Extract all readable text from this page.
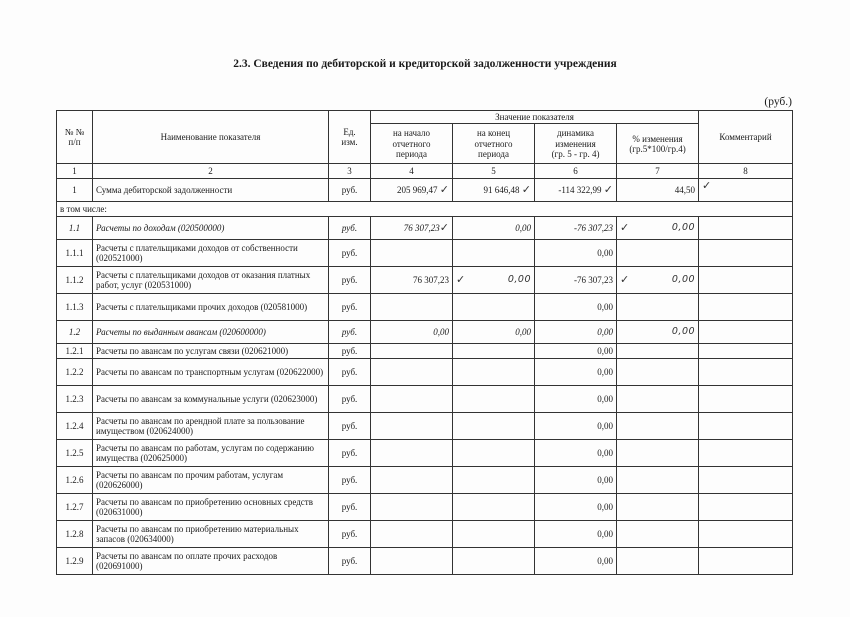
2.3. Сведения по дебиторской и кредиторской задолженности учреждения
(руб.)
№ №
п/п	Наименование показателя	Ед.
изм.	Значение показателя				Комментарий
			на начало
отчетного
периода	на конец
отчетного
периода	динамика
изменения
(гр. 5 - гр. 4)	% изменения
(гр.5*100/гр.4)	
1	2	3	4	5	6	7	8
1	Сумма дебиторской задолженности	руб.	205 969,47 ✓	91 646,48 ✓	-114 322,99 ✓	44,50	✓
в том числе:							
1.1	Расчеты по доходам (020500000)	руб.	76 307,23✓	0,00	-76 307,23	✓ 0,00	

1.1.1	Расчеты с плательщиками доходов от собственности (020521000)	руб.			0,00		
1.1.2	Расчеты с плательщиками доходов от оказания платных работ, услуг (020531000)	руб.	76 307,23	✓ 0,00	-76 307,23	✓ 0,00	

1.1.3	Расчеты с плательщиками прочих доходов (020581000)	руб.			0,00		
1.2	Расчеты по выданным авансам (020600000)	руб.	0,00	0,00	0,00	0,00	
1.2.1	Расчеты по авансам по услугам связи (020621000)	руб.			0,00		
1.2.2	Расчеты по авансам по транспортным услугам (020622000)	руб.			0,00		
1.2.3	Расчеты по авансам за коммунальные услуги (020623000)	руб.			0,00		
1.2.4	Расчеты по авансам по арендной плате за пользование имуществом (020624000)	руб.			0,00		
1.2.5	Расчеты по авансам по работам, услугам по содержанию имущества (020625000)	руб.			0,00		
1.2.6	Расчеты по авансам по прочим работам, услугам (020626000)	руб.			0,00		
1.2.7	Расчеты по авансам по приобретению основных средств (020631000)	руб.			0,00		
1.2.8	Расчеты по авансам по приобретению материальных запасов (020634000)	руб.			0,00		
1.2.9	Расчеты по авансам по оплате прочих расходов (020691000)	руб.			0,00		
